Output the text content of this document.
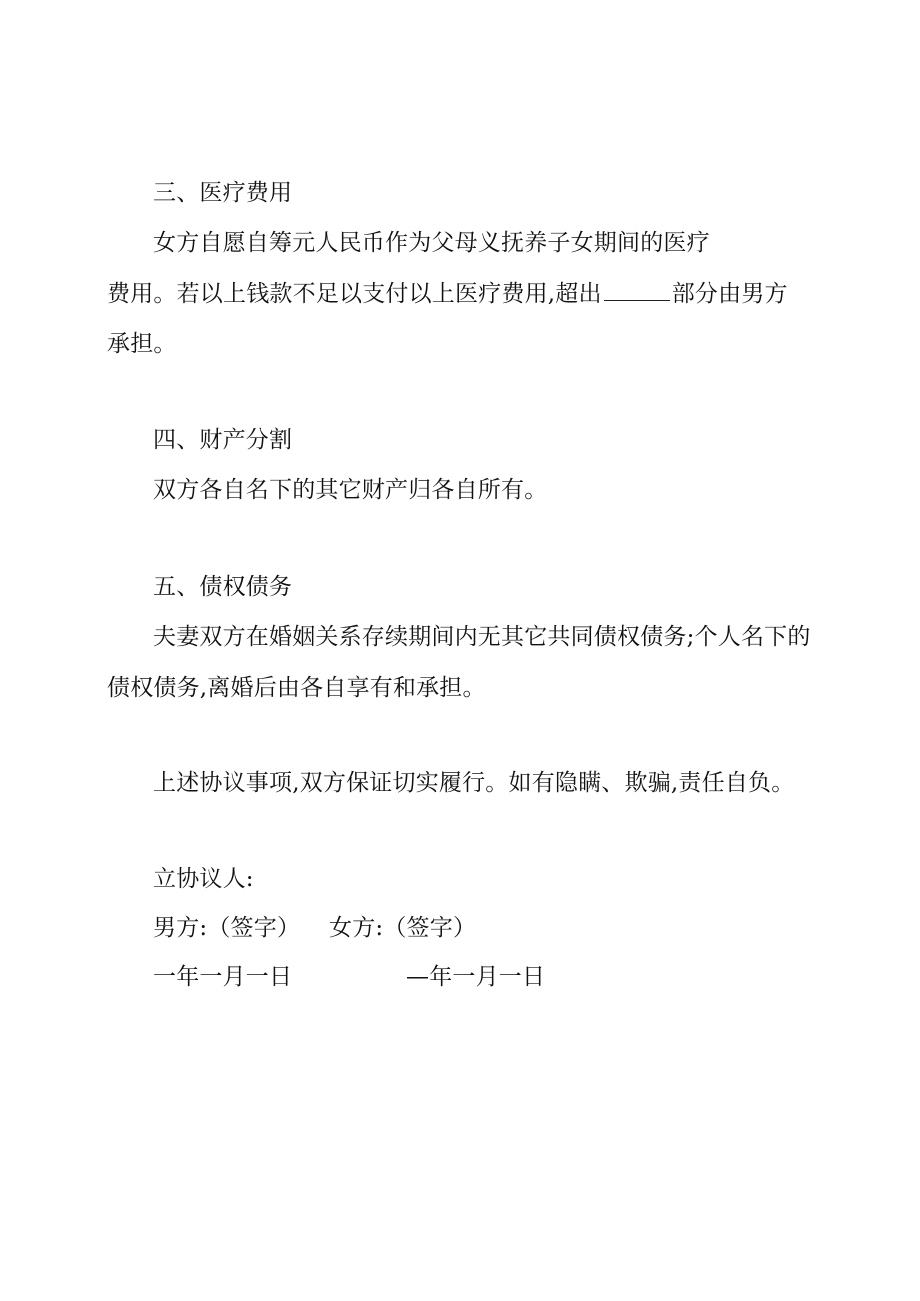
三、医疗费用
女方自愿自筹元人民币作为父母义抚养子女期间的医疗
费用。若以上钱款不足以支付以上医疗费用,超出	部分由男方
承担。
四、财产分割
双方各自名下的其它财产归各自所有。
五、债权债务
夫妻双方在婚姻关系存续期间内无其它共同债权债务;个人名下的
债权债务,离婚后由各自享有和承担。
上述协议事项,双方保证切实履行。如有隐瞒、欺骗,责任自负。
立协议人:
男方:（签字） 女方:（签字）
一年一月一日	—年一月一日
